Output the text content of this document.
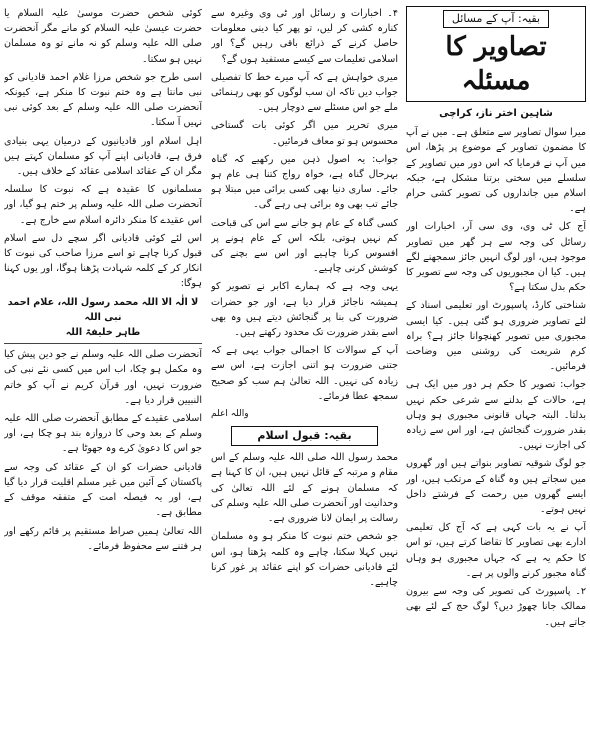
بقیہ: آپ کے مسائل
تصاویر کا مسئلہ
شاہین اختر ناز، کراچی

میرا سوال تصاویر سے متعلق ہے۔ میں نے آپ کا مضمون تصاویر کے موضوع پر پڑھا، اس میں آپ نے فرمایا کہ اس دور میں تصاویر کے سلسلے میں سختی برتنا مشکل ہے، جبکہ اسلام میں جانداروں کی تصویر کشی حرام ہے۔

آج کل ٹی وی، وی سی آر، اخبارات اور رسائل کی وجہ سے ہر گھر میں تصاویر موجود ہیں، اور لوگ انہیں جائز سمجھنے لگے ہیں۔ کیا ان مجبوریوں کی وجہ سے تصویر کا حکم بدل سکتا ہے؟

شناختی کارڈ، پاسپورٹ اور تعلیمی اسناد کے لئے تصاویر ضروری ہو گئی ہیں۔ کیا ایسی مجبوری میں تصویر کھنچوانا جائز ہے؟ براہ کرم شریعت کی روشنی میں وضاحت فرمائیں۔

جواب: تصویر کا حکم ہر دور میں ایک ہی ہے، حالات کے بدلنے سے شرعی حکم نہیں بدلتا۔ البتہ جہاں قانونی مجبوری ہو وہاں بقدر ضرورت گنجائش ہے، اور اس سے زیادہ کی اجازت نہیں۔

جو لوگ شوقیہ تصاویر بنواتے ہیں اور گھروں میں سجاتے ہیں وہ گناہ کے مرتکب ہیں، اور ایسے گھروں میں رحمت کے فرشتے داخل نہیں ہوتے۔

آپ نے یہ بات کہی ہے کہ آج کل تعلیمی ادارے بھی تصاویر کا تقاضا کرتے ہیں، تو اس کا حکم یہ ہے کہ جہاں مجبوری ہو وہاں گناہ مجبور کرنے والوں پر ہے۔

۲۔ پاسپورٹ کی تصویر کی وجہ سے بیرون ممالک جانا چھوڑ دیں؟ لوگ حج کے لئے بھی جاتے ہیں۔

۴۔ اخبارات و رسائل اور ٹی وی وغیرہ سے کنارہ کشی کر لیں، تو پھر کیا دینی معلومات حاصل کرنے کے ذرائع باقی رہیں گے؟ اور اسلامی تعلیمات سے کیسے مستفید ہوں گے؟

میری خواہش ہے کہ آپ میرے خط کا تفصیلی جواب دیں تاکہ ان سب لوگوں کو بھی رہنمائی ملے جو اس مسئلے سے دوچار ہیں۔

میری تحریر میں اگر کوئی بات گستاخی محسوس ہو تو معاف فرمائیں۔

جواب: یہ اصول ذہن میں رکھیے کہ گناہ بہرحال گناہ ہے، خواہ رواج کتنا ہی عام ہو جائے۔ ساری دنیا بھی کسی برائی میں مبتلا ہو جائے تب بھی وہ برائی ہی رہے گی۔

کسی گناہ کے عام ہو جانے سے اس کی قباحت کم نہیں ہوتی، بلکہ اس کے عام ہونے پر افسوس کرنا چاہیے اور اس سے بچنے کی کوشش کرنی چاہیے۔

یہی وجہ ہے کہ ہمارے اکابر نے تصویر کو ہمیشہ ناجائز قرار دیا ہے، اور جو حضرات ضرورت کی بنا پر گنجائش دیتے ہیں وہ بھی اسے بقدر ضرورت تک محدود رکھتے ہیں۔

آپ کے سوالات کا اجمالی جواب یہی ہے کہ جتنی ضرورت ہو اتنی اجازت ہے، اس سے زیادہ کی نہیں۔ اللہ تعالیٰ ہم سب کو صحیح سمجھ عطا فرمائے۔

واللہ اعلم
بقیہ: قبول اسلام

محمد رسول اللہ صلی اللہ علیہ وسلم کے اس مقام و مرتبہ کے قائل نہیں ہیں، ان کا کہنا ہے کہ مسلمان ہونے کے لئے اللہ تعالیٰ کی وحدانیت اور آنحضرت صلی اللہ علیہ وسلم کی رسالت پر ایمان لانا ضروری ہے۔

جو شخص ختم نبوت کا منکر ہو وہ مسلمان نہیں کہلا سکتا، چاہے وہ کلمہ پڑھتا ہو، اس لئے قادیانی حضرات کو اپنے عقائد پر غور کرنا چاہیے۔

کوئی شخص حضرت موسیٰ علیہ السلام یا حضرت عیسیٰ علیہ السلام کو مانے مگر آنحضرت صلی اللہ علیہ وسلم کو نہ مانے تو وہ مسلمان نہیں ہو سکتا۔

اسی طرح جو شخص مرزا غلام احمد قادیانی کو نبی مانتا ہے وہ ختم نبوت کا منکر ہے، کیونکہ آنحضرت صلی اللہ علیہ وسلم کے بعد کوئی نبی نہیں آ سکتا۔

اہل اسلام اور قادیانیوں کے درمیان یہی بنیادی فرق ہے، قادیانی اپنے آپ کو مسلمان کہتے ہیں مگر ان کے عقائد اسلامی عقائد کے خلاف ہیں۔

مسلمانوں کا عقیدہ ہے کہ نبوت کا سلسلہ آنحضرت صلی اللہ علیہ وسلم پر ختم ہو گیا، اور اس عقیدے کا منکر دائرہ اسلام سے خارج ہے۔

اس لئے کوئی قادیانی اگر سچے دل سے اسلام قبول کرنا چاہے تو اسے مرزا صاحب کی نبوت کا انکار کر کے کلمہ شہادت پڑھنا ہوگا، اور یوں کہنا ہوگا:

لا الٰہ الا اللہ محمد رسول اللہ، علام احمد نبی اللہ
طاہر خلیفۃ اللہ

آنحضرت صلی اللہ علیہ وسلم نے جو دین پیش کیا وہ مکمل ہو چکا، اب اس میں کسی نئے نبی کی ضرورت نہیں، اور قرآن کریم نے آپ کو خاتم النبیین قرار دیا ہے۔

اسلامی عقیدے کے مطابق آنحضرت صلی اللہ علیہ وسلم کے بعد وحی کا دروازہ بند ہو چکا ہے، اور جو اس کا دعویٰ کرے وہ جھوٹا ہے۔

قادیانی حضرات کو ان کے عقائد کی وجہ سے پاکستان کے آئین میں غیر مسلم اقلیت قرار دیا گیا ہے، اور یہ فیصلہ امت کے متفقہ موقف کے مطابق ہے۔

اللہ تعالیٰ ہمیں صراط مستقیم پر قائم رکھے اور ہر فتنے سے محفوظ فرمائے۔
